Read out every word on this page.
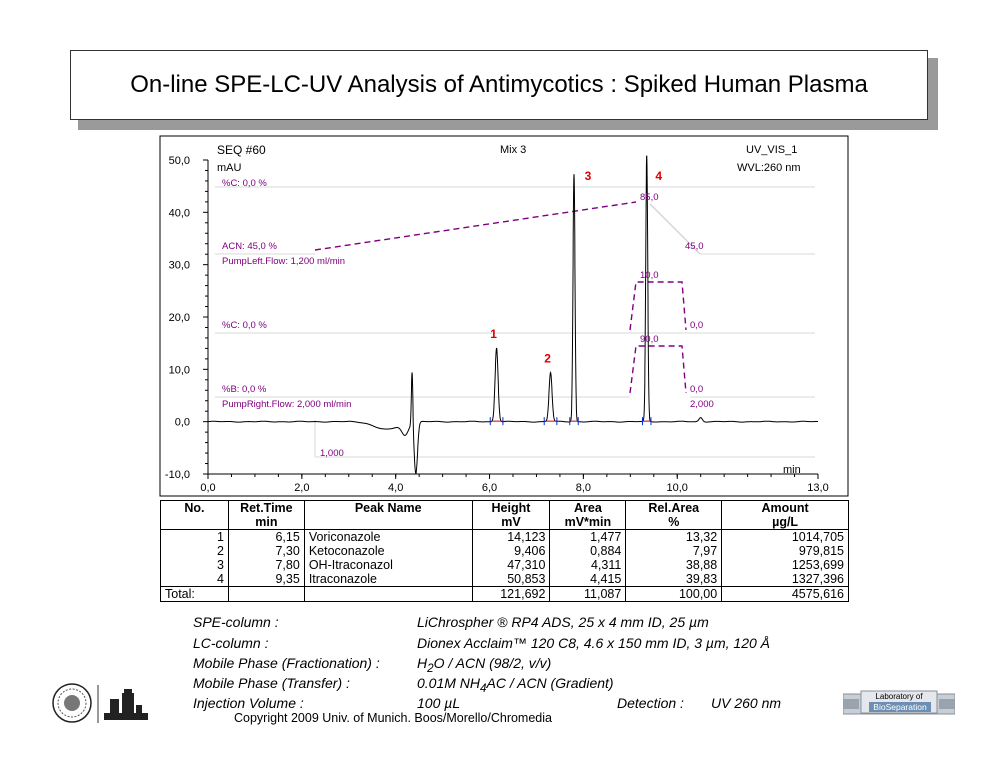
On-line SPE-LC-UV Analysis of Antimycotics : Spiked Human Plasma
-10,0
0,0
10,0
20,0
30,0
40,0
50,0
0,0	2,0	4,0	6,0	8,0	10,0	13,0
1
2
3	4
SEQ #60	Mix 3	UV_VIS_1
WVL:260 nm
mAU
min
%C: 0,0 %
ACN: 45,0 %
PumpLeft.Flow: 1,200 ml/min
%C: 0,0 %
%B: 0,0 %
PumpRight.Flow: 2,000 ml/min
85,0
45,0
10,0
0,0
90,0
0,0
2,000
1,000
No.	Ret.Time	Peak Name	Height	Area	Rel.Area	Amount
	min		mV	mV*min	%	µg/L
1	6,15	Voriconazole	14,123	1,477	13,32	1014,705
2	7,30	Ketoconazole	9,406	0,884	7,97	979,815
3	7,80	OH-Itraconazol	47,310	4,311	38,88	1253,699
4	9,35	Itraconazole	50,853	4,415	39,83	1327,396
Total:			121,692	11,087	100,00	4575,616
SPE-column :	LiChrospher ® RP4 ADS, 25 x 4 mm ID, 25 µm
LC-column :	Dionex Acclaim™ 120 C8, 4.6 x 150 mm ID, 3 µm, 120 Å
Mobile Phase (Fractionation) :	$H_2O$ / ACN (98/2, v/v)
Mobile Phase (Transfer) :	0.01M $NH_4AC$ / ACN (Gradient)
Injection Volume :	100 µL	Detection : UV 260 nm
Copyright 2009 Univ. of Munich. Boos/Morello/Chromedia
Laboratory of
BioSeparation
